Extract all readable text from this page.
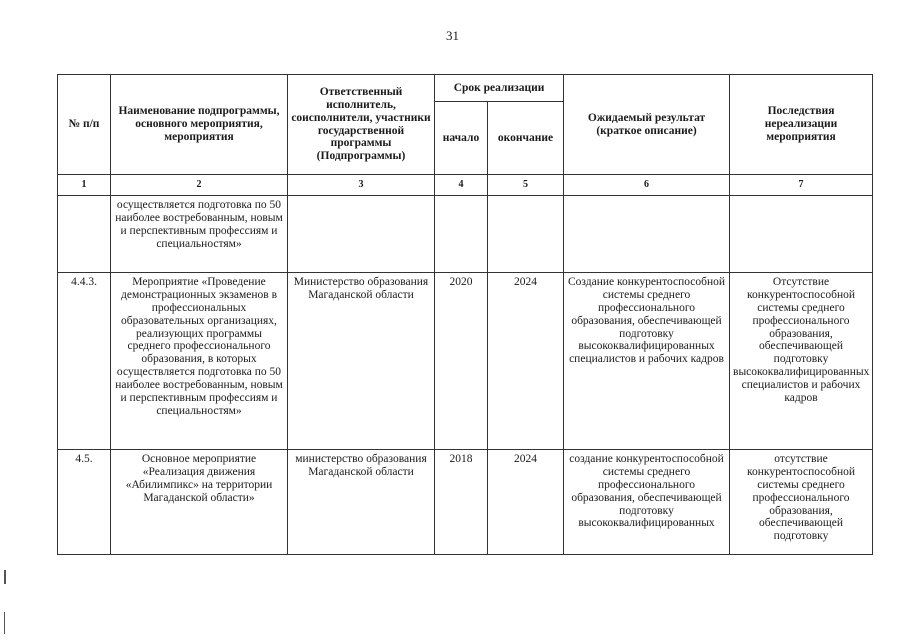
31
№ п/п	Наименование подпрограммы, основного мероприятия, мероприятия	Ответственный исполнитель, соисполнители, участники государственной программы (Подпрограммы)	Срок реализации		Ожидаемый результат (краткое описание)	Последствия нереализации мероприятия
			начало	окончание		
1	2	3	4	5	6	7
	осуществляется подготовка по 50 наиболее востребованным, новым и перспективным профессиям и специальностям»					
4.4.3.	Мероприятие «Проведение демонстрационных экзаменов в профессиональных образовательных организациях, реализующих программы среднего профессионального образования, в которых осуществляется подготовка по 50 наиболее востребованным, новым и перспективным профессиям и специальностям»	Министерство образования Магаданской области	2020	2024	Создание конкурентоспособной системы среднего профессионального образования, обеспечивающей подготовку высококвалифицированных специалистов и рабочих кадров	Отсутствие конкурентоспособной системы среднего профессионального образования, обеспечивающей подготовку высококвалифицированных специалистов и рабочих кадров
4.5.	Основное мероприятие «Реализация движения «Абилимпикс» на территории Магаданской области»	министерство образования Магаданской области	2018	2024	создание конкурентоспособной системы среднего профессионального образования, обеспечивающей подготовку высококвалифицированных	отсутствие конкурентоспособной системы среднего профессионального образования, обеспечивающей подготовку
